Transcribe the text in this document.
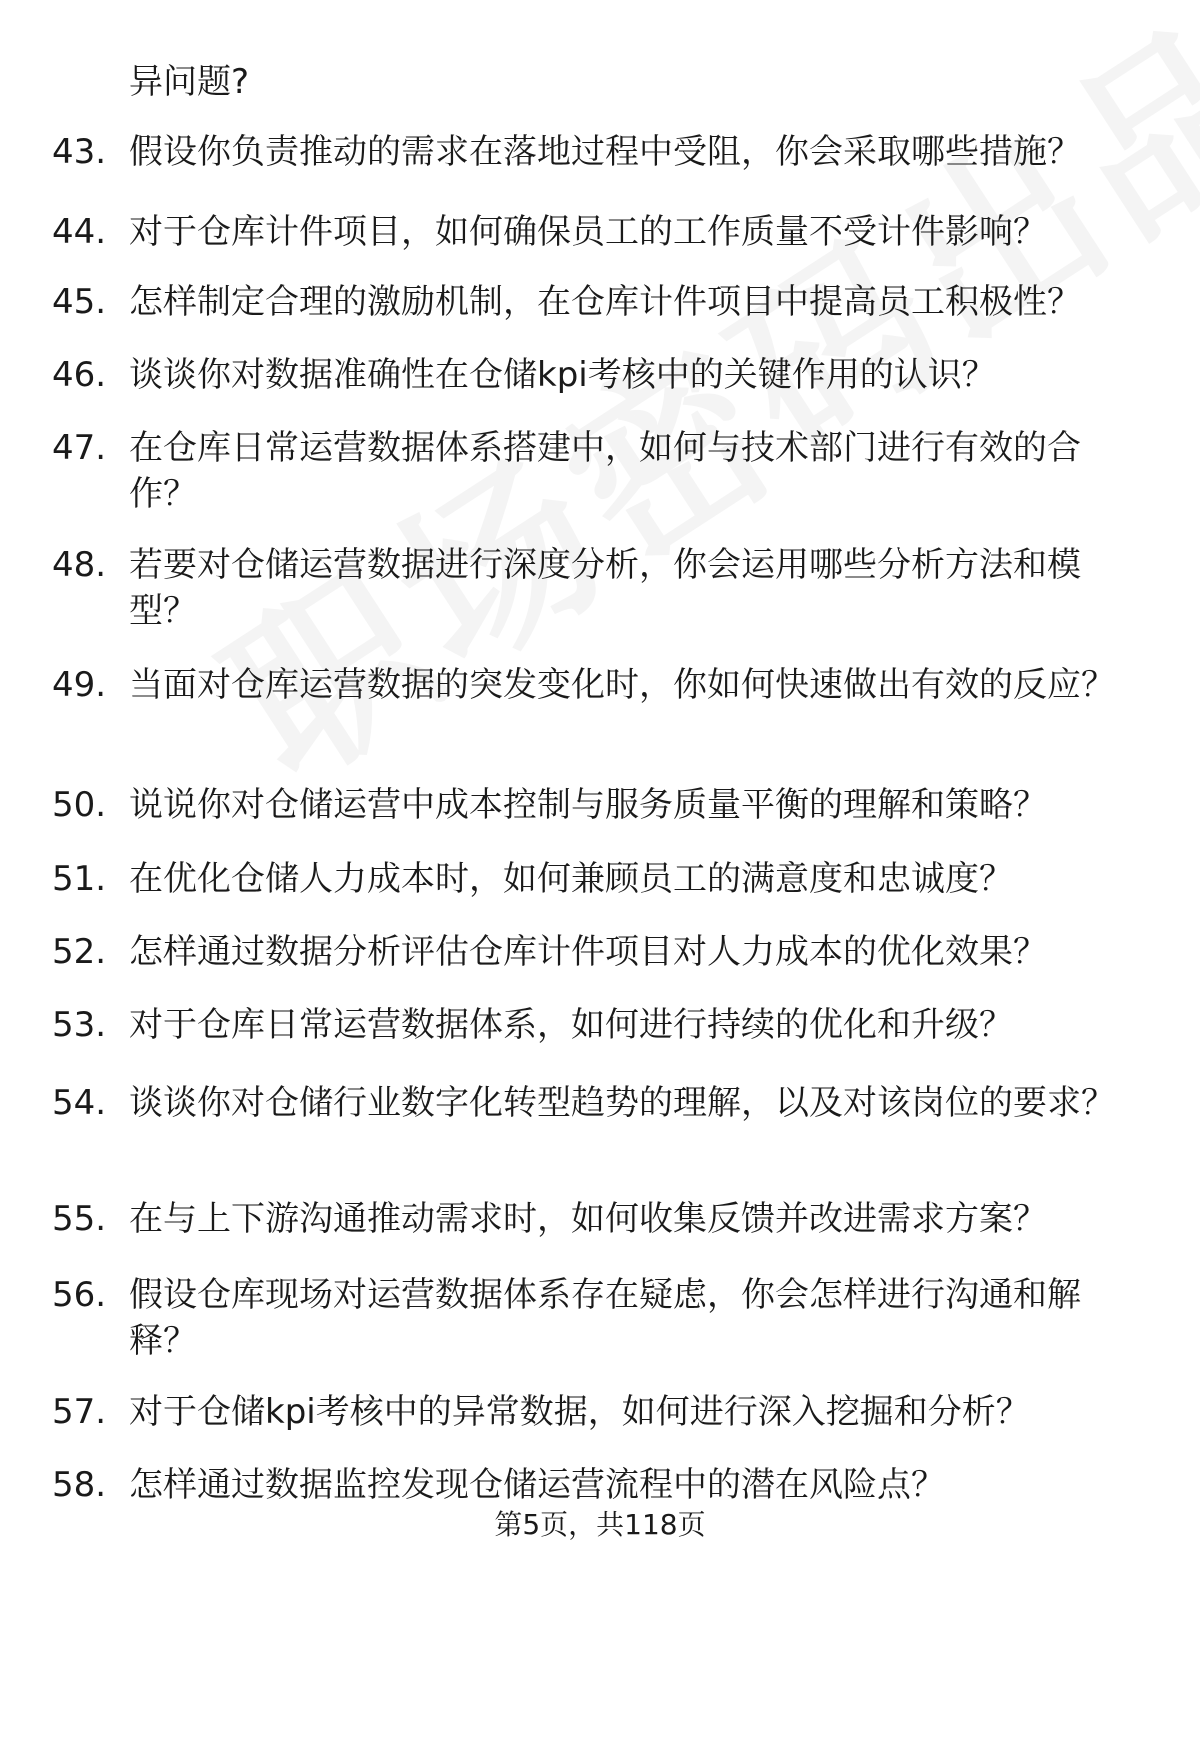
异问题?
43. 假设你负责推动的需求在落地过程中受阻，你会采取哪些措施？
44. 对于仓库计件项目，如何确保员工的工作质量不受计件影响？
45. 怎样制定合理的激励机制，在仓库计件项目中提高员工积极性？
46. 谈谈你对数据准确性在仓储kpi考核中的关键作用的认识？
47. 在仓库日常运营数据体系搭建中，如何与技术部门进行有效的合作？
48. 若要对仓储运营数据进行深度分析，你会运用哪些分析方法和模型？
49. 当面对仓库运营数据的突发变化时，你如何快速做出有效的反应？
50. 说说你对仓储运营中成本控制与服务质量平衡的理解和策略？
51. 在优化仓储人力成本时，如何兼顾员工的满意度和忠诚度？
52. 怎样通过数据分析评估仓库计件项目对人力成本的优化效果？
53. 对于仓库日常运营数据体系，如何进行持续的优化和升级？
54. 谈谈你对仓储行业数字化转型趋势的理解，以及对该岗位的要求？
55. 在与上下游沟通推动需求时，如何收集反馈并改进需求方案？
56. 假设仓库现场对运营数据体系存在疑虑，你会怎样进行沟通和解释？
57. 对于仓储kpi考核中的异常数据，如何进行深入挖掘和分析？
58. 怎样通过数据监控发现仓储运营流程中的潜在风险点？
第5页，共118页
